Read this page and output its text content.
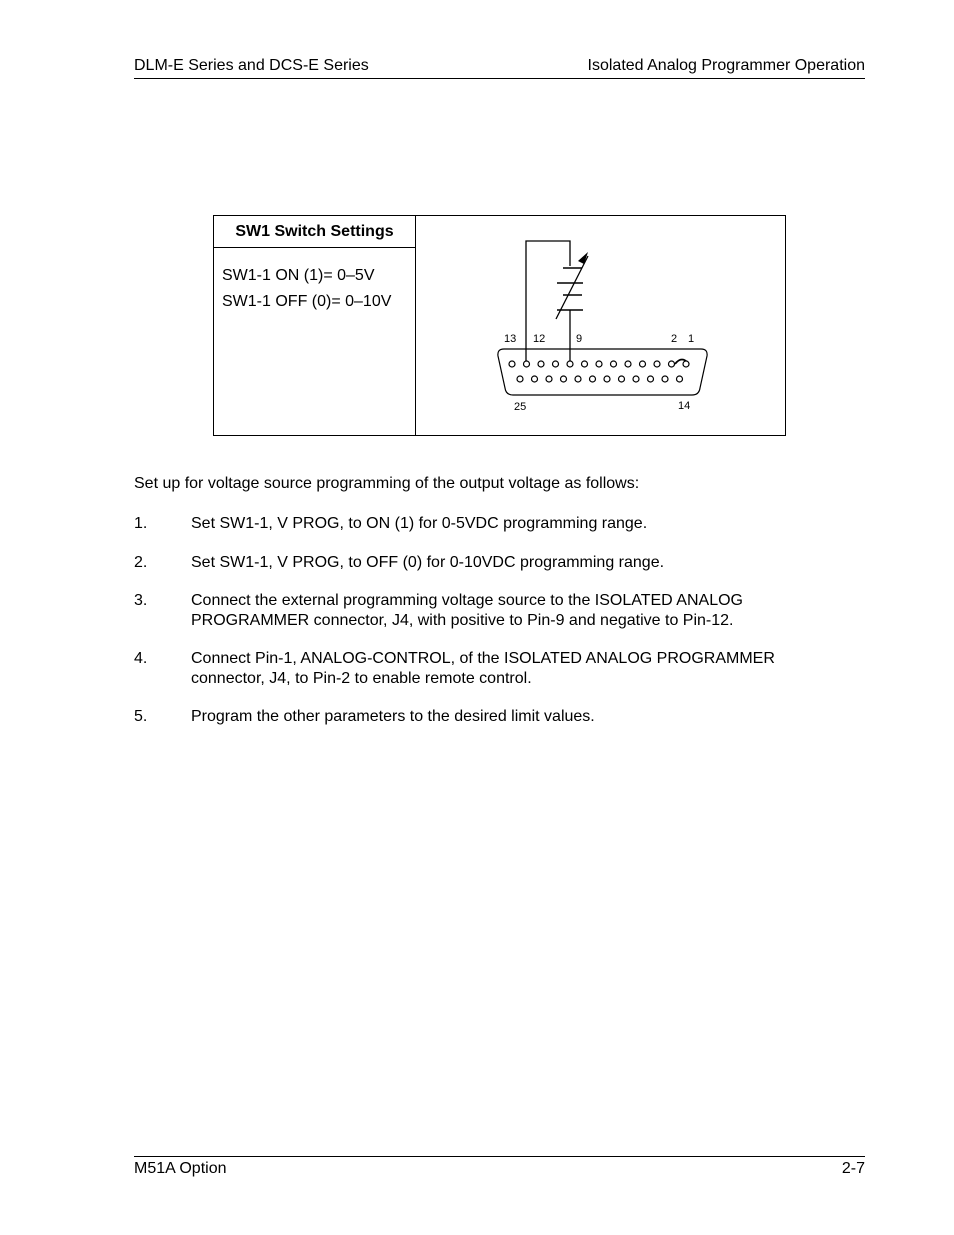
DLM-E Series and DCS-E Series	Isolated Analog Programmer Operation
SW1 Switch Settings
SW1-1 ON (1)= 0–5V
SW1-1 OFF (0)= 0–10V
13 12	9	2 1
25	14
Set up for voltage source programming of the output voltage as follows:
1.	Set SW1-1, V PROG, to ON (1) for 0-5VDC programming range.
2.	Set SW1-1, V PROG, to OFF (0) for 0-10VDC programming range.
3.	Connect the external programming voltage source to the ISOLATED ANALOG PROGRAMMER connector, J4, with positive to Pin-9 and negative to Pin-12.
4.	Connect Pin-1, ANALOG-CONTROL, of the ISOLATED ANALOG PROGRAMMER connector, J4, to Pin-2 to enable remote control.
5.	Program the other parameters to the desired limit values.
M51A Option	2-7
